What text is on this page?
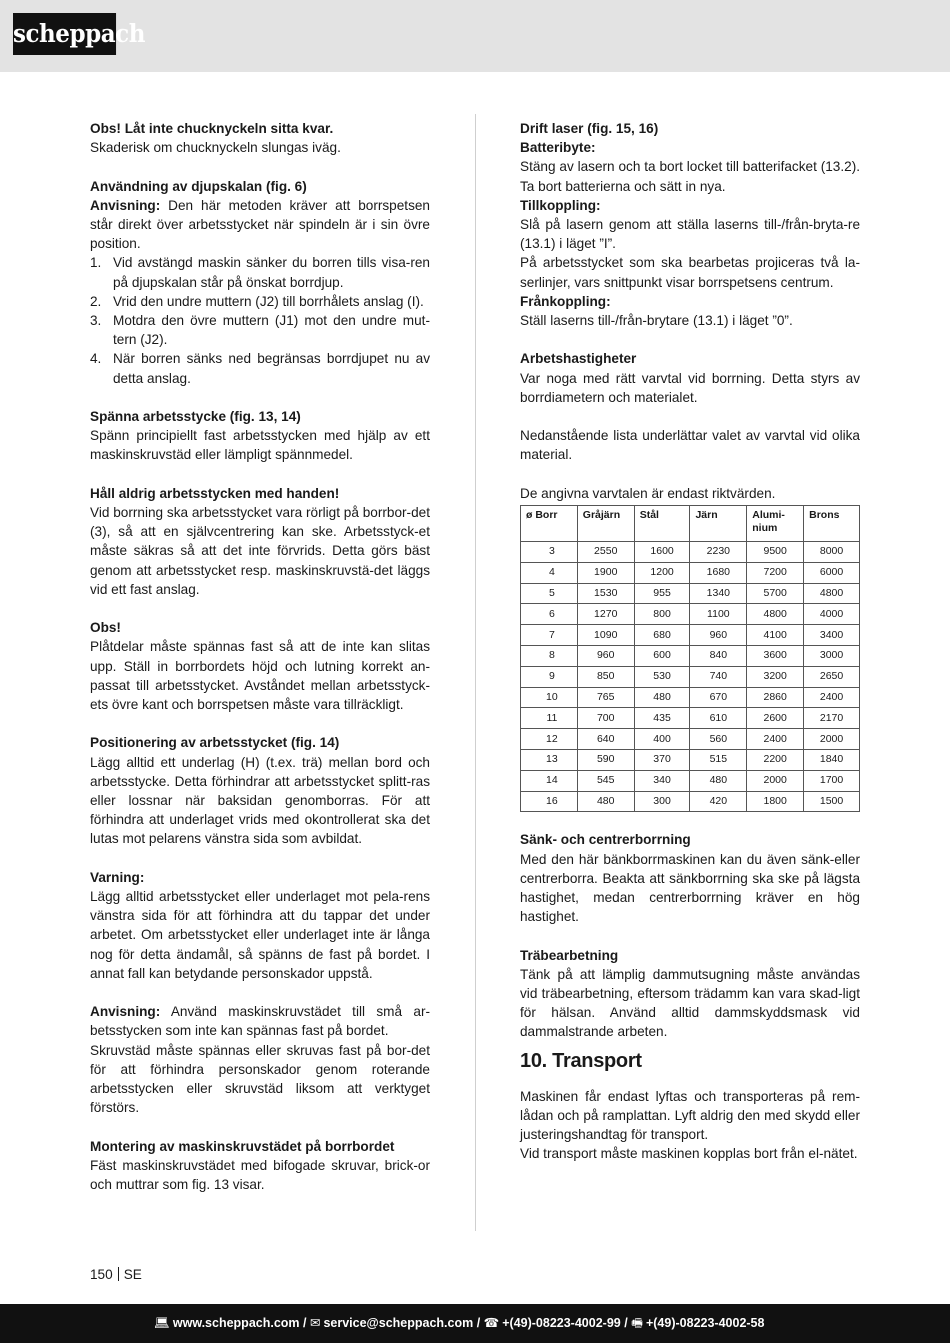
scheppach

Obs! Låt inte chucknyckeln sitta kvar.

Skaderisk om chucknyckeln slungas iväg.

Användning av djupskalan (fig. 6)

Anvisning: Den här metoden kräver att borrspetsen står direkt över arbetsstycket när spindeln är i sin övre position.

1. Vid avstängd maskin sänker du borren tills visa-ren på djupskalan står på önskat borrdjup.
2. Vrid den undre muttern (J2) till borrhålets anslag (I).
3. Motdra den övre muttern (J1) mot den undre mut-tern (J2).
4. När borren sänks ned begränsas borrdjupet nu av detta anslag.

Spänna arbetsstycke (fig. 13, 14)

Spänn principiellt fast arbetsstycken med hjälp av ett maskinskruvstäd eller lämpligt spännmedel.

Håll aldrig arbetsstycken med handen!

Vid borrning ska arbetsstycket vara rörligt på borrbor-det (3), så att en självcentrering kan ske. Arbetsstyck-et måste säkras så att det inte förvrids. Detta görs bäst genom att arbetsstycket resp. maskinskruvstä-det läggs vid ett fast anslag.

Obs!

Plåtdelar måste spännas fast så att de inte kan slitas upp. Ställ in borrbordets höjd och lutning korrekt an-passat till arbetsstycket. Avståndet mellan arbetsstyck-ets övre kant och borrspetsen måste vara tillräckligt.

Positionering av arbetsstycket (fig. 14)

Lägg alltid ett underlag (H) (t.ex. trä) mellan bord och arbetsstycke. Detta förhindrar att arbetsstycket splitt-ras eller lossnar när baksidan genomborras. För att förhindra att underlaget vrids med okontrollerat ska det lutas mot pelarens vänstra sida som avbildat.

Varning:

Lägg alltid arbetsstycket eller underlaget mot pela-rens vänstra sida för att förhindra att du tappar det under arbetet. Om arbetsstycket eller underlaget inte är långa nog för detta ändamål, så spänns de fast på bordet. I annat fall kan betydande personskador uppstå.

Anvisning: Använd maskinskruvstädet till små ar-betsstycken som inte kan spännas fast på bordet.

Skruvstäd måste spännas eller skruvas fast på bor-det för att förhindra personskador genom roterande arbetsstycken eller skruvstäd liksom att verktyget förstörs.

Montering av maskinskruvstädet på borrbordet

Fäst maskinskruvstädet med bifogade skruvar, brick-or och muttrar som fig. 13 visar.

Drift laser (fig. 15, 16)

Batteribyte:

Stäng av lasern och ta bort locket till batterifacket (13.2). Ta bort batterierna och sätt in nya.

Tillkoppling:

Slå på lasern genom att ställa laserns till-/från-bryta-re (13.1) i läget ”I”.

På arbetsstycket som ska bearbetas projiceras två la-serlinjer, vars snittpunkt visar borrspetsens centrum.

Frånkoppling:

Ställ laserns till-/från-brytare (13.1) i läget ”0”.

Arbetshastigheter

Var noga med rätt varvtal vid borrning. Detta styrs av borrdiametern och materialet.

Nedanstående lista underlättar valet av varvtal vid olika material.

De angivna varvtalen är endast riktvärden.

ø Borr	Gråjärn	Stål	Järn	Alumi-nium	Brons
3	2550	1600	2230	9500	8000
4	1900	1200	1680	7200	6000
5	1530	955	1340	5700	4800
6	1270	800	1100	4800	4000
7	1090	680	960	4100	3400
8	960	600	840	3600	3000
9	850	530	740	3200	2650
10	765	480	670	2860	2400
11	700	435	610	2600	2170
12	640	400	560	2400	2000
13	590	370	515	2200	1840
14	545	340	480	2000	1700
16	480	300	420	1800	1500

Sänk- och centrerborrning

Med den här bänkborrmaskinen kan du även sänk-eller centrerborra. Beakta att sänkborrning ska ske på lägsta hastighet, medan centrerborrning kräver en hög hastighet.

Träbearbetning

Tänk på att lämplig dammutsugning måste användas vid träbearbetning, eftersom trädamm kan vara skad-ligt för hälsan. Använd alltid dammskyddsmask vid dammalstrande arbeten.

10. Transport

Maskinen får endast lyftas och transporteras på rem-lådan och på ramplattan. Lyft aldrig den med skydd eller justeringshandtag för transport.

Vid transport måste maskinen kopplas bort från el-nätet.

150 SE
💻︎ www.scheppach.com / ✉︎ service@scheppach.com / ☎︎ +(49)-08223-4002-99 / 🖷︎ +(49)-08223-4002-58
